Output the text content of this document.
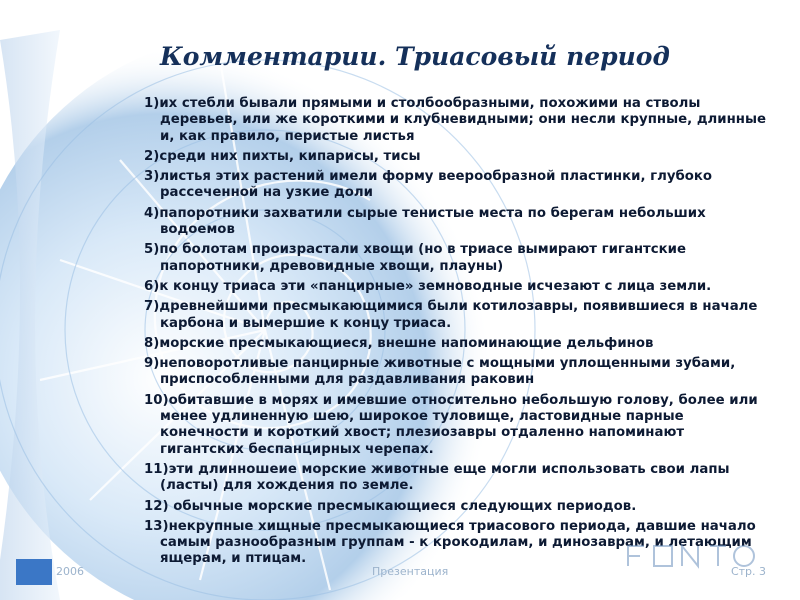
Комментарии. Триасовый период
1)их стебли бывали прямыми и столбообразными, похожими на стволы деревьев, или же короткими и клубневидными; они несли крупные, длинные и, как правило, перистые листья
2)среди них пихты, кипарисы, тисы
3)листья этих растений имели форму веерообразной пластинки, глубоко рассеченной на узкие доли
4)папоротники захватили сырые тенистые места по берегам небольших водоемов
5)по болотам произрастали хвощи (но в триасе вымирают гигантские папоротники, древовидные хвощи, плауны)
6)к концу триаса эти «панцирные» земноводные исчезают с лица земли.
7)древнейшими пресмыкающимися были котилозавры, появившиеся в начале карбона и вымершие к концу триаса.
8)морские пресмыкающиеся, внешне напоминающие дельфинов
9)неповоротливые панцирные животные с мощными уплощенными зубами, приспособленными для раздавливания раковин
10)обитавшие в морях и имевшие относительно небольшую голову, более или менее удлиненную шею, широкое туловище, ластовидные парные конечности и короткий хвост; плезиозавры отдаленно напоминают гигантских беспанцирных черепах.
11)эти длинношеие морские животные еще могли использовать свои лапы (ласты) для хождения по земле.
12) обычные морские пресмыкающиеся следующих периодов.
13)некрупные хищные пресмыкающиеся триасового периода, давшие начало самым разнообразным группам - к крокодилам, и динозаврам, и летающим ящерам, и птицам.
2006	Презентация	Стр. 3
